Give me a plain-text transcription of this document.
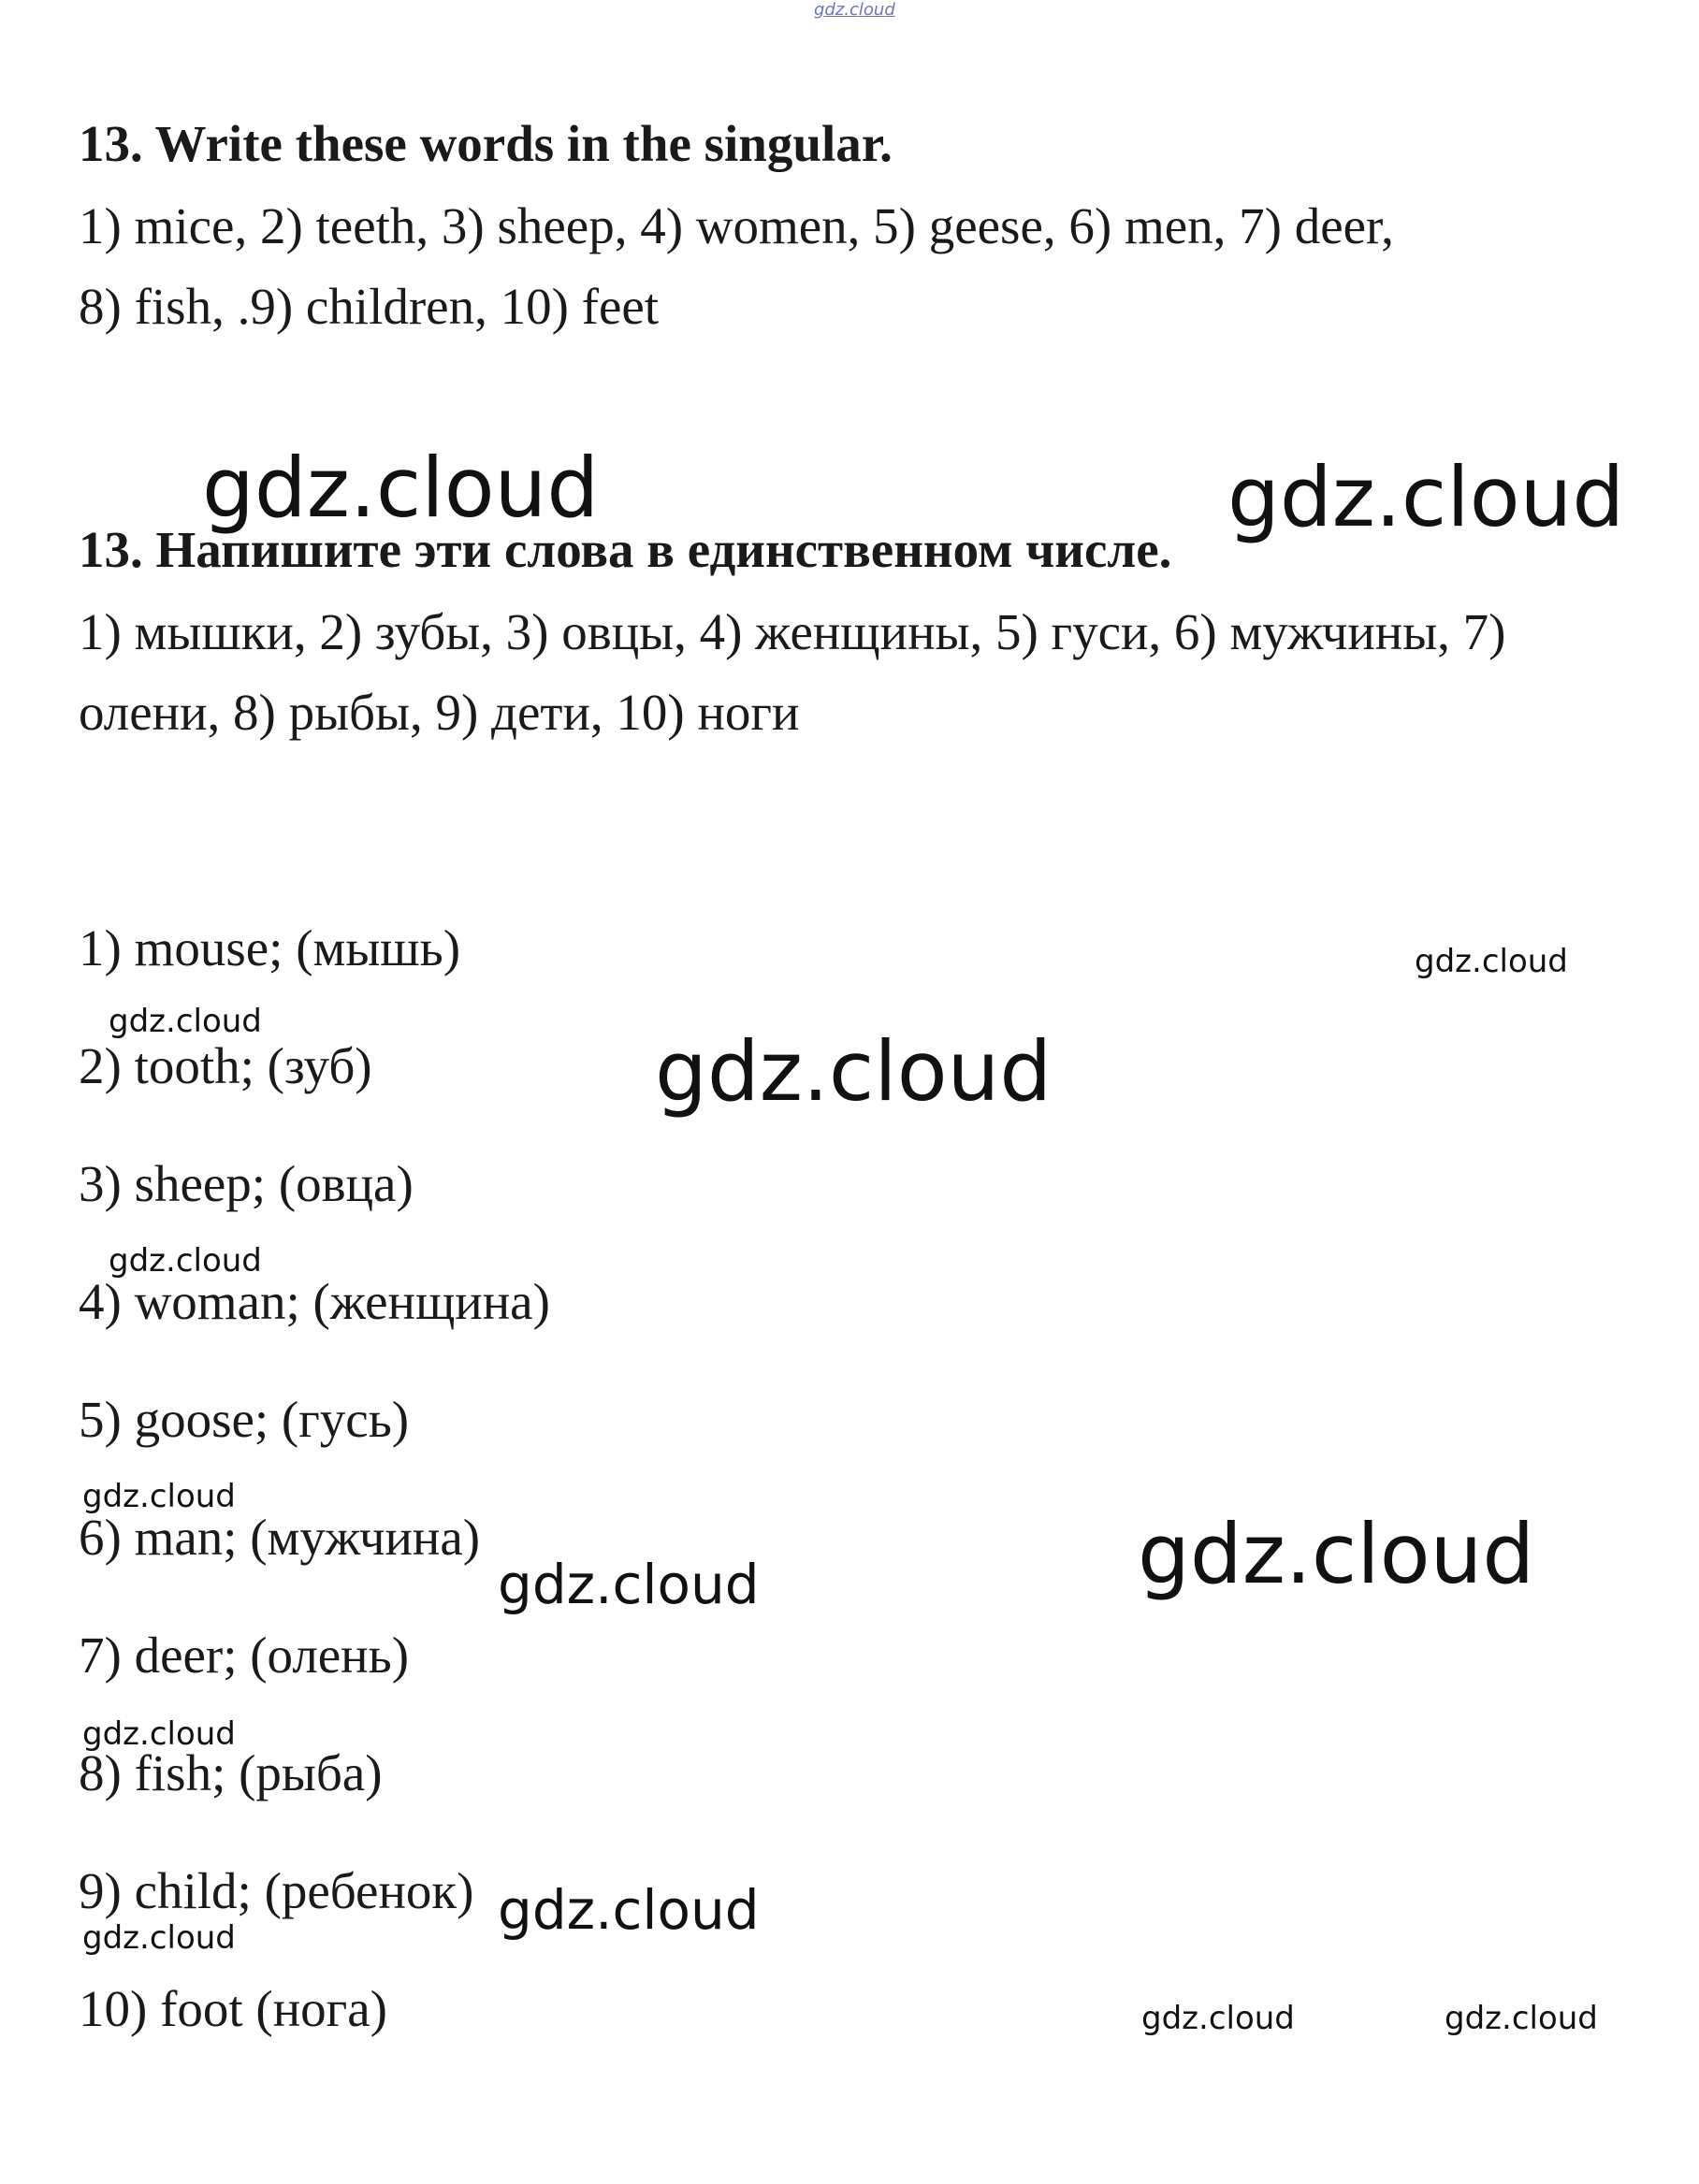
gdz.cloud
13. Write these words in the singular.
1) mice, 2) teeth, 3) sheep, 4) women, 5) geese, 6) men, 7) deer,
8) fish, .9) children, 10) feet
13. Напишите эти слова в единственном числе.
1) мышки, 2) зубы, 3) овцы, 4) женщины, 5) гуси, 6) мужчины, 7)
олени, 8) рыбы, 9) дети, 10) ноги
1) mouse; (мышь)
2) tooth; (зуб)
3) sheep; (овца)
4) woman; (женщина)
5) goose; (гусь)
6) man; (мужчина)
7) deer; (олень)
8) fish; (рыба)
9) child; (ребенок)
10) foot (нога)
gdz.cloud	gdz.cloud
gdz.cloud
gdz.cloud
gdz.cloud
gdz.cloud
gdz.cloud
gdz.cloud	gdz.cloud
gdz.cloud
gdz.cloud
gdz.cloud
gdz.cloud	gdz.cloud
